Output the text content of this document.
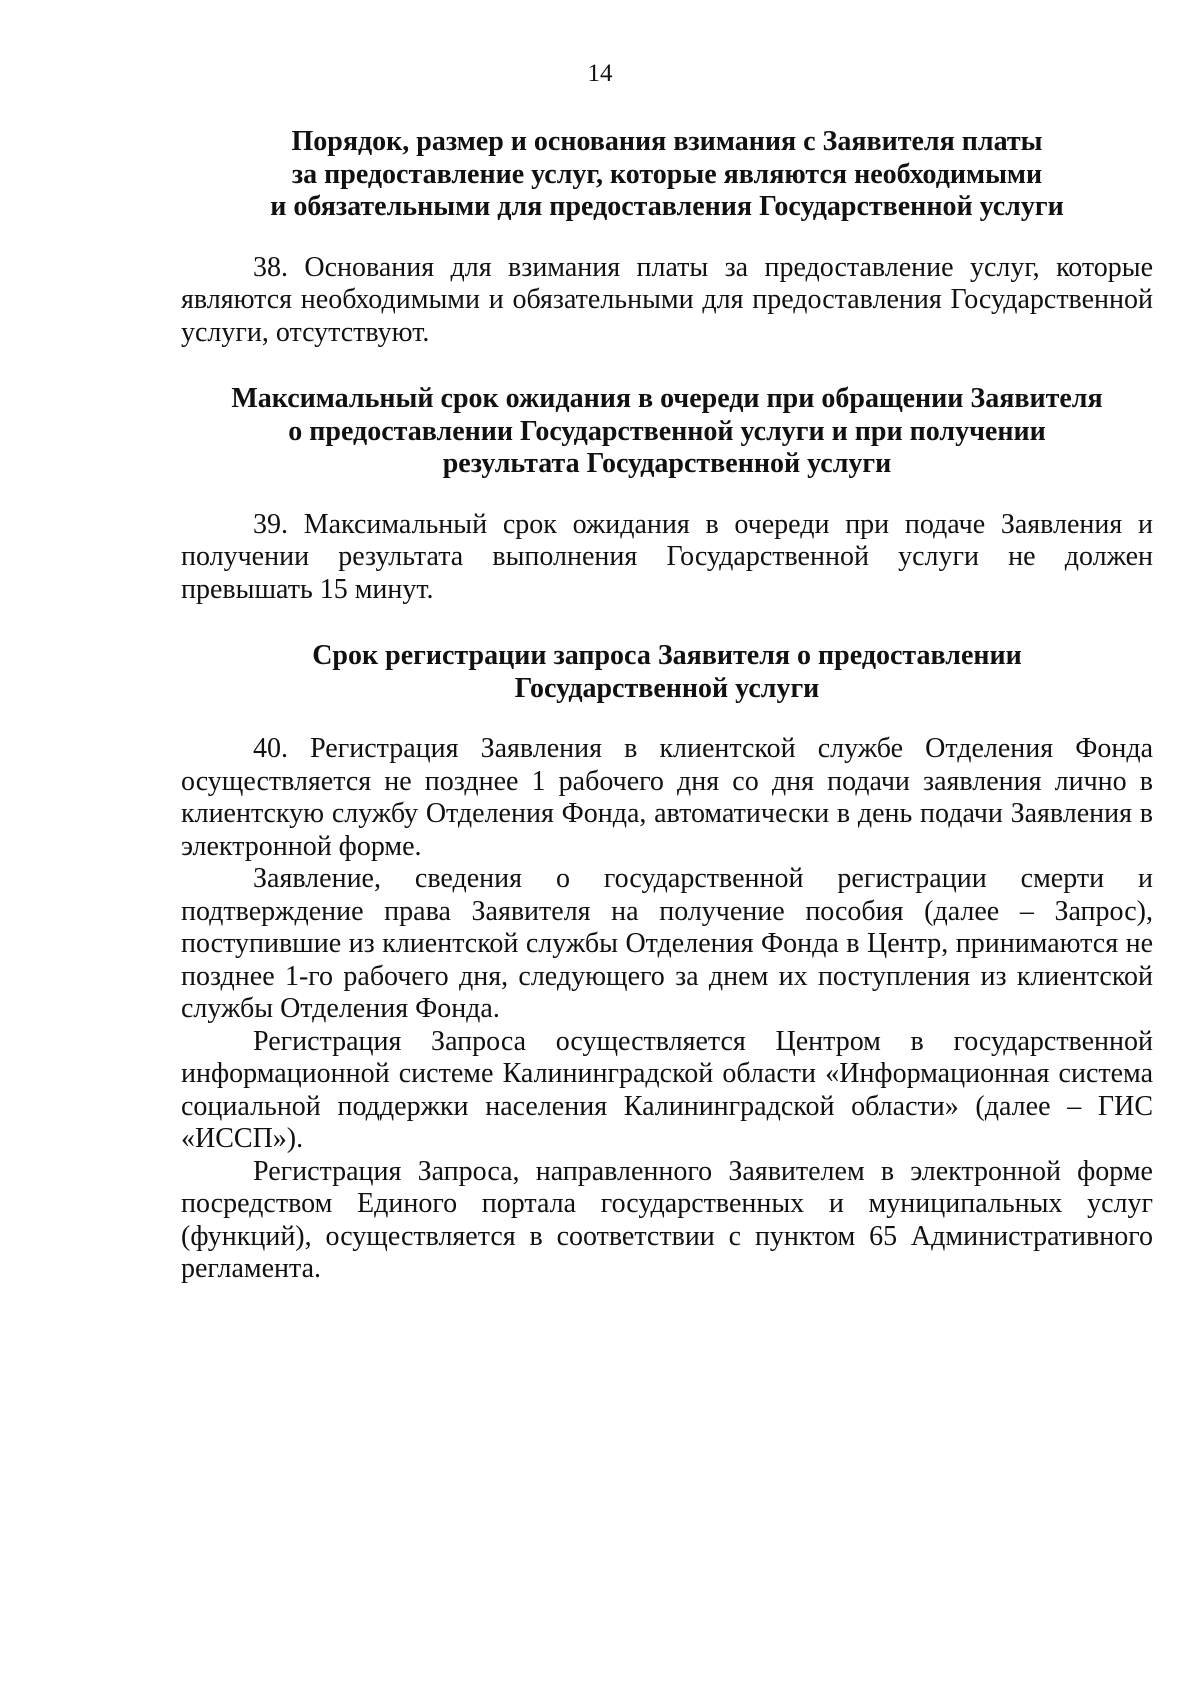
14
Порядок, размер и основания взимания с Заявителя платы
за предоставление услуг, которые являются необходимыми
и обязательными для предоставления Государственной услуги

38. Основания для взимания платы за предоставление услуг, которые являются необходимыми и обязательными для предоставления Государственной услуги, отсутствуют.

Максимальный срок ожидания в очереди при обращении Заявителя
о предоставлении Государственной услуги и при получении
результата Государственной услуги

39. Максимальный срок ожидания в очереди при подаче Заявления и получении результата выполнения Государственной услуги не должен превышать 15 минут.

Срок регистрации запроса Заявителя о предоставлении
Государственной услуги

40. Регистрация Заявления в клиентской службе Отделения Фонда осуществляется не позднее 1 рабочего дня со дня подачи заявления лично в клиентскую службу Отделения Фонда, автоматически в день подачи Заявления в электронной форме.

Заявление, сведения о государственной регистрации смерти и подтверждение права Заявителя на получение пособия (далее – Запрос), поступившие из клиентской службы Отделения Фонда в Центр, принимаются не позднее 1-го рабочего дня, следующего за днем их поступления из клиентской службы Отделения Фонда.

Регистрация Запроса осуществляется Центром в государственной информационной системе Калининградской области «Информационная система социальной поддержки населения Калининградской области» (далее – ГИС «ИССП»).

Регистрация Запроса, направленного Заявителем в электронной форме посредством Единого портала государственных и муниципальных услуг (функций), осуществляется в соответствии с пунктом 65 Административного регламента.
